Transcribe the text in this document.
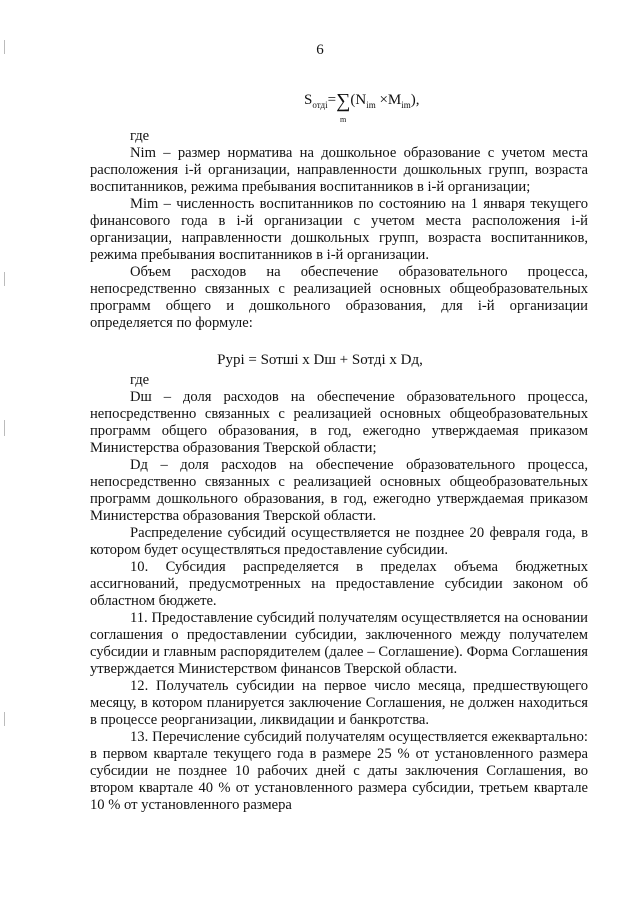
6
$S_{отдi}=\sum(N_{im} \times M_{im})$,
m
где
Nim – размер норматива на дошкольное образование с учетом места расположения i-й организации, направленности дошкольных групп, возраста воспитанников, режима пребывания воспитанников в i-й организации;
Mim – численность воспитанников по состоянию на 1 января текущего финансового года в i-й организации с учетом места расположения i-й организации, направленности дошкольных групп, возраста воспитанников, режима пребывания воспитанников в i-й организации.
Объем расходов на обеспечение образовательного процесса, непосредственно связанных с реализацией основных общеобразовательных программ общего и дошкольного образования, для i-й организации определяется по формуле:
Pypi = Sотшi х Dш + Sотдi х Dд,
где
Dш – доля расходов на обеспечение образовательного процесса, непосредственно связанных с реализацией основных общеобразовательных программ общего образования, в год, ежегодно утверждаемая приказом Министерства образования Тверской области;
Dд – доля расходов на обеспечение образовательного процесса, непосредственно связанных с реализацией основных общеобразовательных программ дошкольного образования, в год, ежегодно утверждаемая приказом Министерства образования Тверской области.
Распределение субсидий осуществляется не позднее 20 февраля года, в котором будет осуществляться предоставление субсидии.
10. Субсидия распределяется в пределах объема бюджетных ассигнований, предусмотренных на предоставление субсидии законом об областном бюджете.
11. Предоставление субсидий получателям осуществляется на основании соглашения о предоставлении субсидии, заключенного между получателем субсидии и главным распорядителем (далее – Соглашение). Форма Соглашения утверждается Министерством финансов Тверской области.
12. Получатель субсидии на первое число месяца, предшествующего месяцу, в котором планируется заключение Соглашения, не должен находиться в процессе реорганизации, ликвидации и банкротства.
13. Перечисление субсидий получателям осуществляется ежеквартально: в первом квартале текущего года в размере 25 % от установленного размера субсидии не позднее 10 рабочих дней с даты заключения Соглашения, во втором квартале 40 % от установленного размера субсидии, третьем квартале 10 % от установленного размера
